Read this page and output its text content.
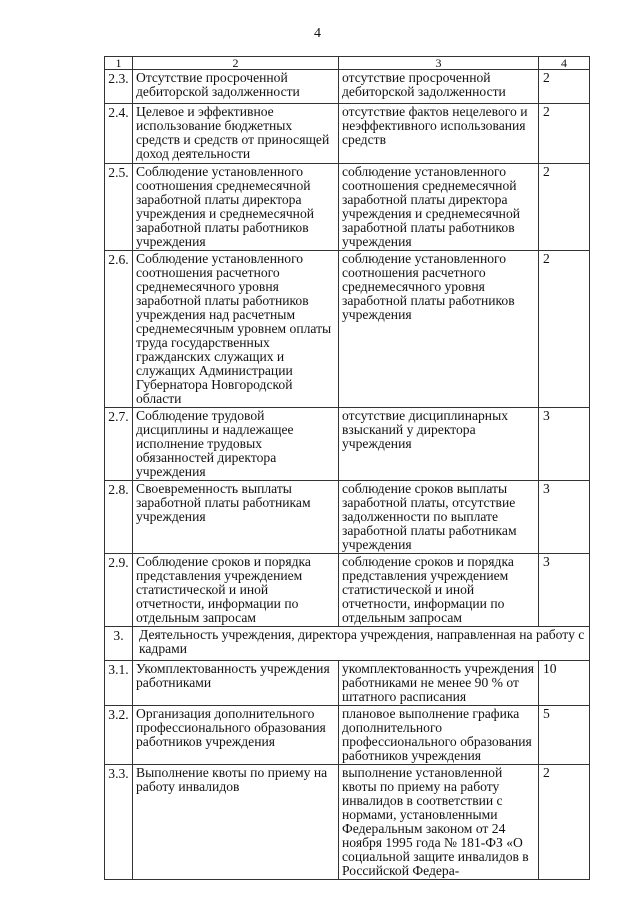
4
1	2	3	4
2.3.	Отсутствие просроченной дебиторской задолженности	отсутствие просроченной дебиторской задолженности	2
2.4.	Целевое и эффективное использование бюджетных средств и средств от приносящей доход деятельности	отсутствие фактов нецелевого и неэффективного использования средств	2
2.5.	Соблюдение установленного соотношения среднемесячной заработной платы директора учреждения и среднемесячной заработной платы работников учреждения	соблюдение установленного соотношения среднемесячной заработной платы директора учреждения и среднемесячной заработной платы работников учреждения	2
2.6.	Соблюдение установленного соотношения расчетного среднемесячного уровня заработной платы работников учреждения над расчетным среднемесячным уровнем оплаты труда государственных гражданских служащих и служащих Администрации Губернатора Новгородской области	соблюдение установленного соотношения расчетного среднемесячного уровня заработной платы работников учреждения	2
2.7.	Соблюдение трудовой дисциплины и надлежащее исполнение трудовых обязанностей директора учреждения	отсутствие дисциплинарных взысканий у директора учреждения	3
2.8.	Своевременность выплаты заработной платы работникам учреждения	соблюдение сроков выплаты заработной платы, отсутствие задолженности по выплате заработной платы работникам учреждения	3
2.9.	Соблюдение сроков и порядка представления учреждением статистической и иной отчетности, информации по отдельным запросам	соблюдение сроков и порядка представления учреждением статистической и иной отчетности, информации по отдельным запросам	3
3.	Деятельность учреждения, директора учреждения, направленная на работу с кадрами		
3.1.	Укомплектованность учреждения работниками	укомплектованность учреждения работниками не менее 90 % от штатного расписания	10
3.2.	Организация дополнительного профессионального образования работников учреждения	плановое выполнение графика дополнительного профессионального образования работников учреждения	5
3.3.	Выполнение квоты по приему на работу инвалидов	выполнение установленной квоты по приему на работу инвалидов в соответствии с нормами, установленными Федеральным законом от 24 ноября 1995 года № 181-ФЗ «О социальной защите инвалидов в Российской Федера-	2
